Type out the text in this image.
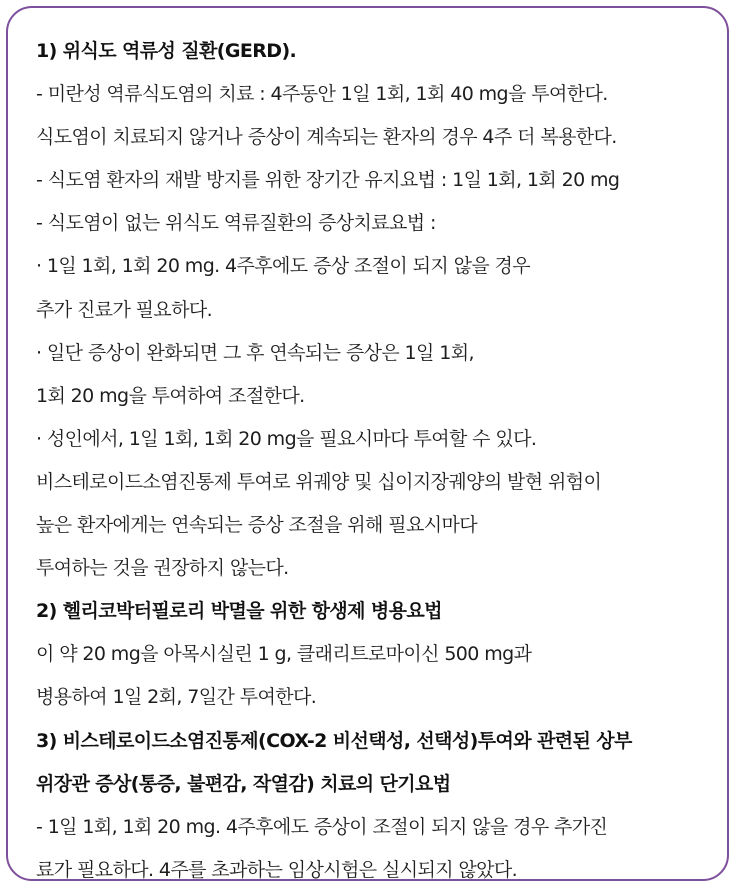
1) 위식도 역류성 질환(GERD).
- 미란성 역류식도염의 치료 : 4주동안 1일 1회, 1회 40 mg을 투여한다.
식도염이 치료되지 않거나 증상이 계속되는 환자의 경우 4주 더 복용한다.
- 식도염 환자의 재발 방지를 위한 장기간 유지요법 : 1일 1회, 1회 20 mg
- 식도염이 없는 위식도 역류질환의 증상치료요법 :
· 1일 1회, 1회 20 mg. 4주후에도 증상 조절이 되지 않을 경우
추가 진료가 필요하다.
· 일단 증상이 완화되면 그 후 연속되는 증상은 1일 1회,
1회 20 mg을 투여하여 조절한다.
· 성인에서, 1일 1회, 1회 20 mg을 필요시마다 투여할 수 있다.
비스테로이드소염진통제 투여로 위궤양 및 십이지장궤양의 발현 위험이
높은 환자에게는 연속되는 증상 조절을 위해 필요시마다
투여하는 것을 권장하지 않는다.
2) 헬리코박터필로리 박멸을 위한 항생제 병용요법
이 약 20 mg을 아목시실린 1 g, 클래리트로마이신 500 mg과
병용하여 1일 2회, 7일간 투여한다.
3) 비스테로이드소염진통제(COX-2 비선택성, 선택성)투여와 관련된 상부
위장관 증상(통증, 불편감, 작열감) 치료의 단기요법
- 1일 1회, 1회 20 mg. 4주후에도 증상이 조절이 되지 않을 경우 추가진
료가 필요하다. 4주를 초과하는 임상시험은 실시되지 않았다.
